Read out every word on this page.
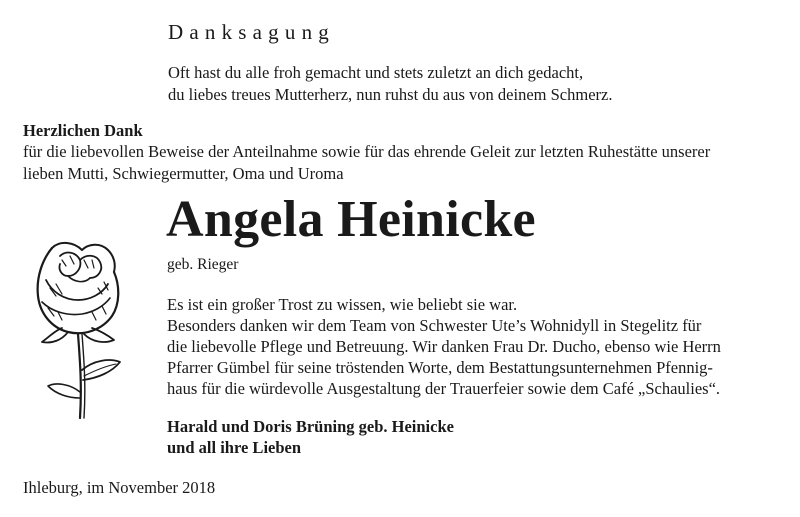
Danksagung
Oft hast du alle froh gemacht und stets zuletzt an dich gedacht,
du liebes treues Mutterherz, nun ruhst du aus von deinem Schmerz.
Herzlichen Dank
für die liebevollen Beweise der Anteilnahme sowie für das ehrende Geleit zur letzten Ruhestätte unserer
lieben Mutti, Schwiegermutter, Oma und Uroma
Angela Heinicke
geb. Rieger
Es ist ein großer Trost zu wissen, wie beliebt sie war.
Besonders danken wir dem Team von Schwester Ute’s Wohnidyll in Stegelitz für
die liebevolle Pflege und Betreuung. Wir danken Frau Dr. Ducho, ebenso wie Herrn
Pfarrer Gümbel für seine tröstenden Worte, dem Bestattungsunternehmen Pfennig-
haus für die würdevolle Ausgestaltung der Trauerfeier sowie dem Café „Schaulies“.
Harald und Doris Brüning geb. Heinicke
und all ihre Lieben
Ihleburg, im November 2018
